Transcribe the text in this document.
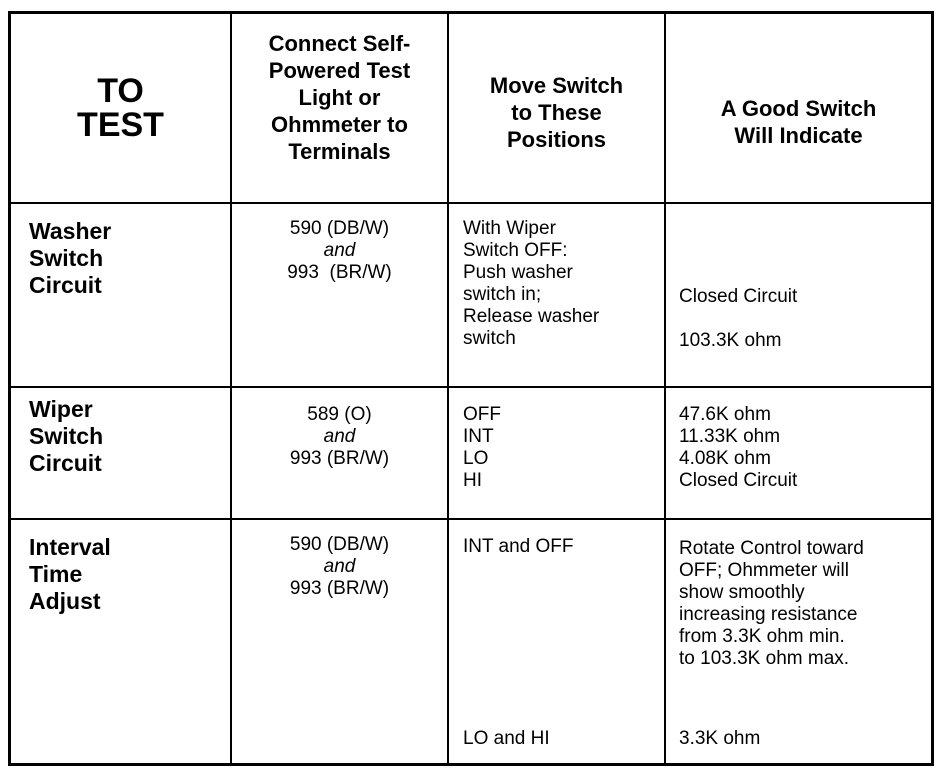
TO
TEST
Connect Self-
Powered Test
Light or
Ohmmeter to
Terminals
Move Switch
to These
Positions
A Good Switch
Will Indicate
Washer
Switch
Circuit
590 (DB/W)
and
993  (BR/W)
With Wiper
Switch OFF:
Push washer
switch in;
Release washer
switch
Closed Circuit
103.3K ohm
Wiper
Switch
Circuit
589 (O)
and
993 (BR/W)
OFF
INT
LO
HI
47.6K ohm
11.33K ohm
4.08K ohm
Closed Circuit
Interval
Time
Adjust
590 (DB/W)
and
993 (BR/W)
INT and OFF
LO and HI
Rotate Control toward
OFF; Ohmmeter will
show smoothly
increasing resistance
from 3.3K ohm min.
to 103.3K ohm max.
3.3K ohm
